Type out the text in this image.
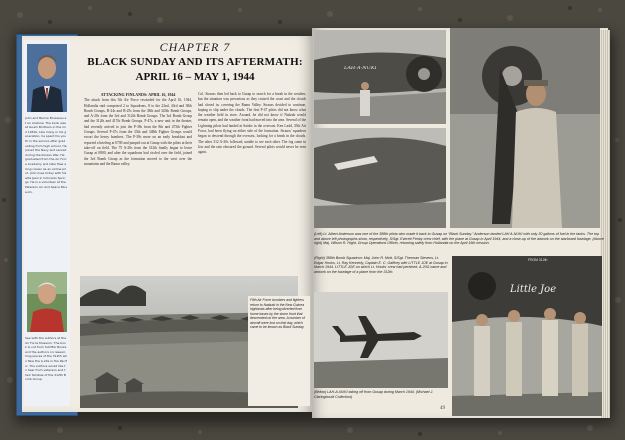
John and Bernie Brusseau at an Airshow. The book was at Guam Brothers in the mid 1950s. Like many in his generation, he spent his youth in the service after graduating from high school. He joined the Navy and served during the Korean War. He graduated from the Air Force Academy and later flew a long career as an airline pilot. John lives today with his wife Jean in Colorado Springs. He is a volunteer at the Peterson Air and Space Museum.
See with the authors at the Air Force Museum. The book is out from Schiffer Books and the authors on researching pieces of the 312th who flew the A-20s in the Pacific. The authors would like to hear from veterans and their families of the 312th Bomb Group.
CHAPTER 7
BLACK SUNDAY AND ITS AFTERMATH:
APRIL 16 – MAY 1, 1944
ATTACKING FINLANDS: APRIL 16, 1944
The attack from this 5th Air Force rescinded for the April 16, 1944, Hollandia raid comprised 2 to Squadrons, 8 to the 22nd, 43rd and 38th Bomb Groups, B-24s and B-25s from the 38th and 345th Bomb Groups, and A-20s from the 3rd and 312th Bomb Groups. The 3rd Bomb Group and the 312th and 417th Bomb Groups, P-47s, a new unit in the theater, had recently arrived to join the P-38s from the 8th and 475th Fighter Groups. Several P-47s from the 35th and 348th Fighter Groups would escort the heavy bombers. The P-38s more on an early breakfast and reported a briefing at 0700 and jumped out at Gusap with the pilots at their take-off on field. The 75 A-20s from the 312th finally began to leave Gusap at 0800, and after the squadrons had circled over the field, joined the 3rd Bomb Group as the formation moved to the west over the mountains and the Ramu valley.
Col. Strauss then led back to Gusap to search for a break in the weather, but the situation was precarious as they cruised the coast and the clouds had closed in, covering the Ramu Valley. Strauss decided to continue, hoping to slip under the clouds. The first P-47 pilots did not know what the weather held in store. Around, he did not know if Nadzab would remain open, and the weather front had moved into the area. Several of the Lightning pilots had landed at Saidor in the overcast. Ken Ladd, 35th Air Force, had been flying on either side of the formation. Strauss' squadron began to descend through the overcast, looking for a break in the clouds. The other 312 A-20s followed, unable to see each other. The fog came in low and the rain obscured the ground. Several pilots would never be seen again.
Fifth Air Force bombers and fighters return to Nadzab in the New Guinea highlands after being diverted from home bases by the storm front that descended on the area. A number of aircraft were lost on that day, which came to be known as Black Sunday.
LAH-A-NUKI
(Left) Lt. Albert Anderson was one of the 388th pilots who made it back to Gusap on “Black Sunday.” Anderson landed LAH A-NUKI with only 30 gallons of fuel in the tanks. The top and above left photographs show, respectively, S/Sgt. Everett Fenby crew chief, with the plane at Gusap in April 1944, and a close-up of the artwork on the starboard fuselage. (Above right) Maj. Wilson R. Hight, Group Operations Officer, returning safely from Hollandia on the April 16th mission.
(Right) 388th Bomb Squadron: Maj. John R. Mott, S/Sgt. Therman Stevens, Lt. Edgar Hooks, Lt. Ray Kennedy, Captain E. C. Gaffney with LITTLE JOE at Gusap in March 1944. LITTLE JOE on which Lt. Hooks' crew had perished, A-20G name and artwork on the fuselage of a plane from the 312th.
(Below) LAH-A-NUKI taking off from Gusap during March 1944. (Michael J. Claringbould Collection)
Little Joe
FROM 312th
49
